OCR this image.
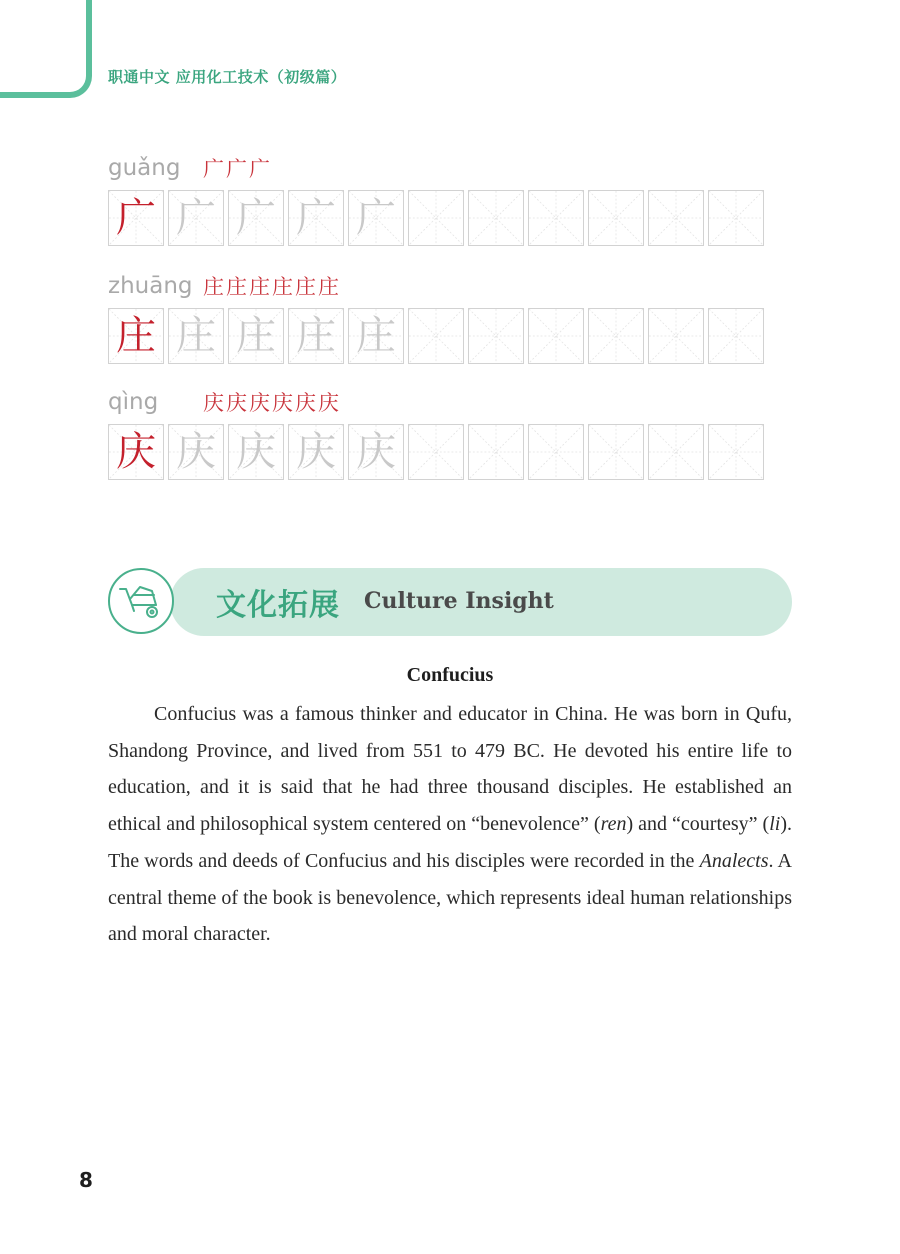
职通中文 应用化工技术（初级篇）
guǎng	广广广
广 广 广 广 广
zhuāng 庄庄庄庄庄庄
庄 庄 庄 庄 庄
qìng	庆庆庆庆庆庆
庆 庆 庆 庆 庆
文化拓展 Culture Insight
Confucius

Confucius was a famous thinker and educator in China. He was born in Qufu, Shandong Province, and lived from 551 to 479 BC. He devoted his entire life to education, and it is said that he had three thousand disciples. He established an ethical and philosophical system centered on “benevolence” (ren) and “courtesy” (li). The words and deeds of Confucius and his disciples were recorded in the Analects. A central theme of the book is benevolence, which represents ideal human relationships and moral character.

8
